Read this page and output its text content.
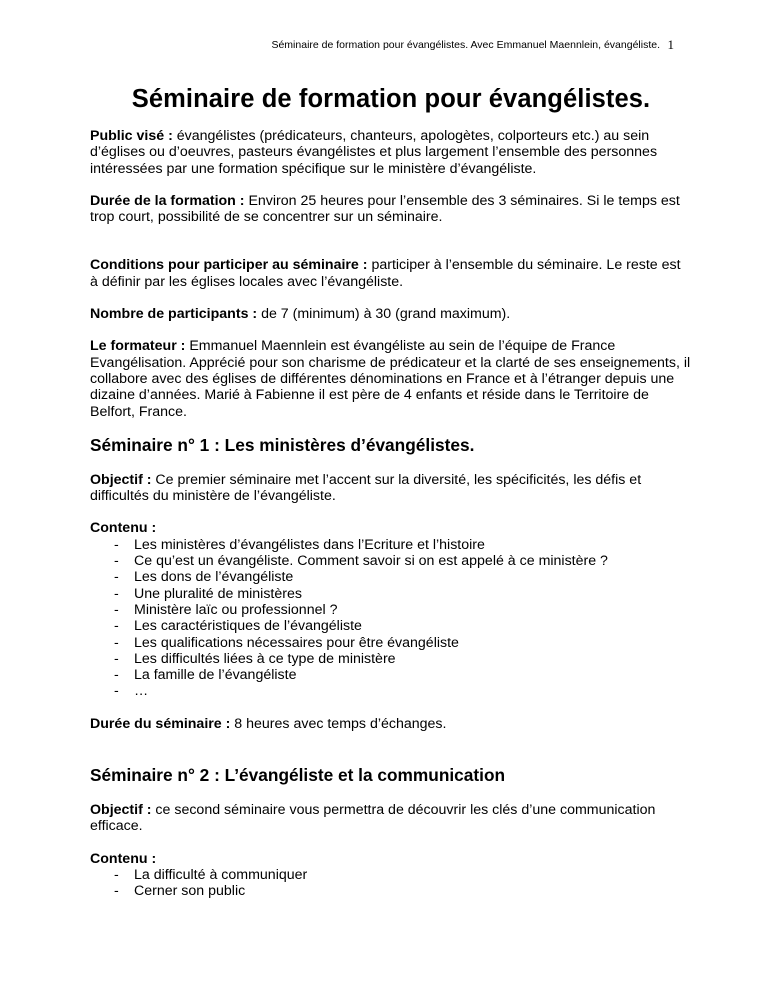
Séminaire de formation pour évangélistes. Avec Emmanuel Maennlein, évangéliste. 1
Séminaire de formation pour évangélistes.

Public visé : évangélistes (prédicateurs, chanteurs, apologètes, colporteurs etc.) au sein d’églises ou d’oeuvres, pasteurs évangélistes et plus largement l’ensemble des personnes intéressées par une formation spécifique sur le ministère d’évangéliste.

Durée de la formation : Environ 25 heures pour l’ensemble des 3 séminaires. Si le temps est trop court, possibilité de se concentrer sur un séminaire.

Conditions pour participer au séminaire : participer à l’ensemble du séminaire. Le reste est à définir par les églises locales avec l’évangéliste.

Nombre de participants : de 7 (minimum) à 30 (grand maximum).

Le formateur : Emmanuel Maennlein est évangéliste au sein de l’équipe de France Evangélisation. Apprécié pour son charisme de prédicateur et la clarté de ses enseignements, il collabore avec des églises de différentes dénominations en France et à l’étranger depuis une dizaine d’années. Marié à Fabienne il est père de 4 enfants et réside dans le Territoire de Belfort, France.

Séminaire n° 1 : Les ministères d’évangélistes.

Objectif : Ce premier séminaire met l’accent sur la diversité, les spécificités, les défis et difficultés du ministère de l’évangéliste.

Contenu :

- Les ministères d’évangélistes dans l’Ecriture et l’histoire
- Ce qu’est un évangéliste. Comment savoir si on est appelé à ce ministère ?
- Les dons de l’évangéliste
- Une pluralité de ministères
- Ministère laïc ou professionnel ?
- Les caractéristiques de l’évangéliste
- Les qualifications nécessaires pour être évangéliste
- Les difficultés liées à ce type de ministère
- La famille de l’évangéliste
- …

Durée du séminaire : 8 heures avec temps d’échanges.

Séminaire n° 2 : L’évangéliste et la communication

Objectif : ce second séminaire vous permettra de découvrir les clés d’une communication efficace.

Contenu :

- La difficulté à communiquer
- Cerner son public
